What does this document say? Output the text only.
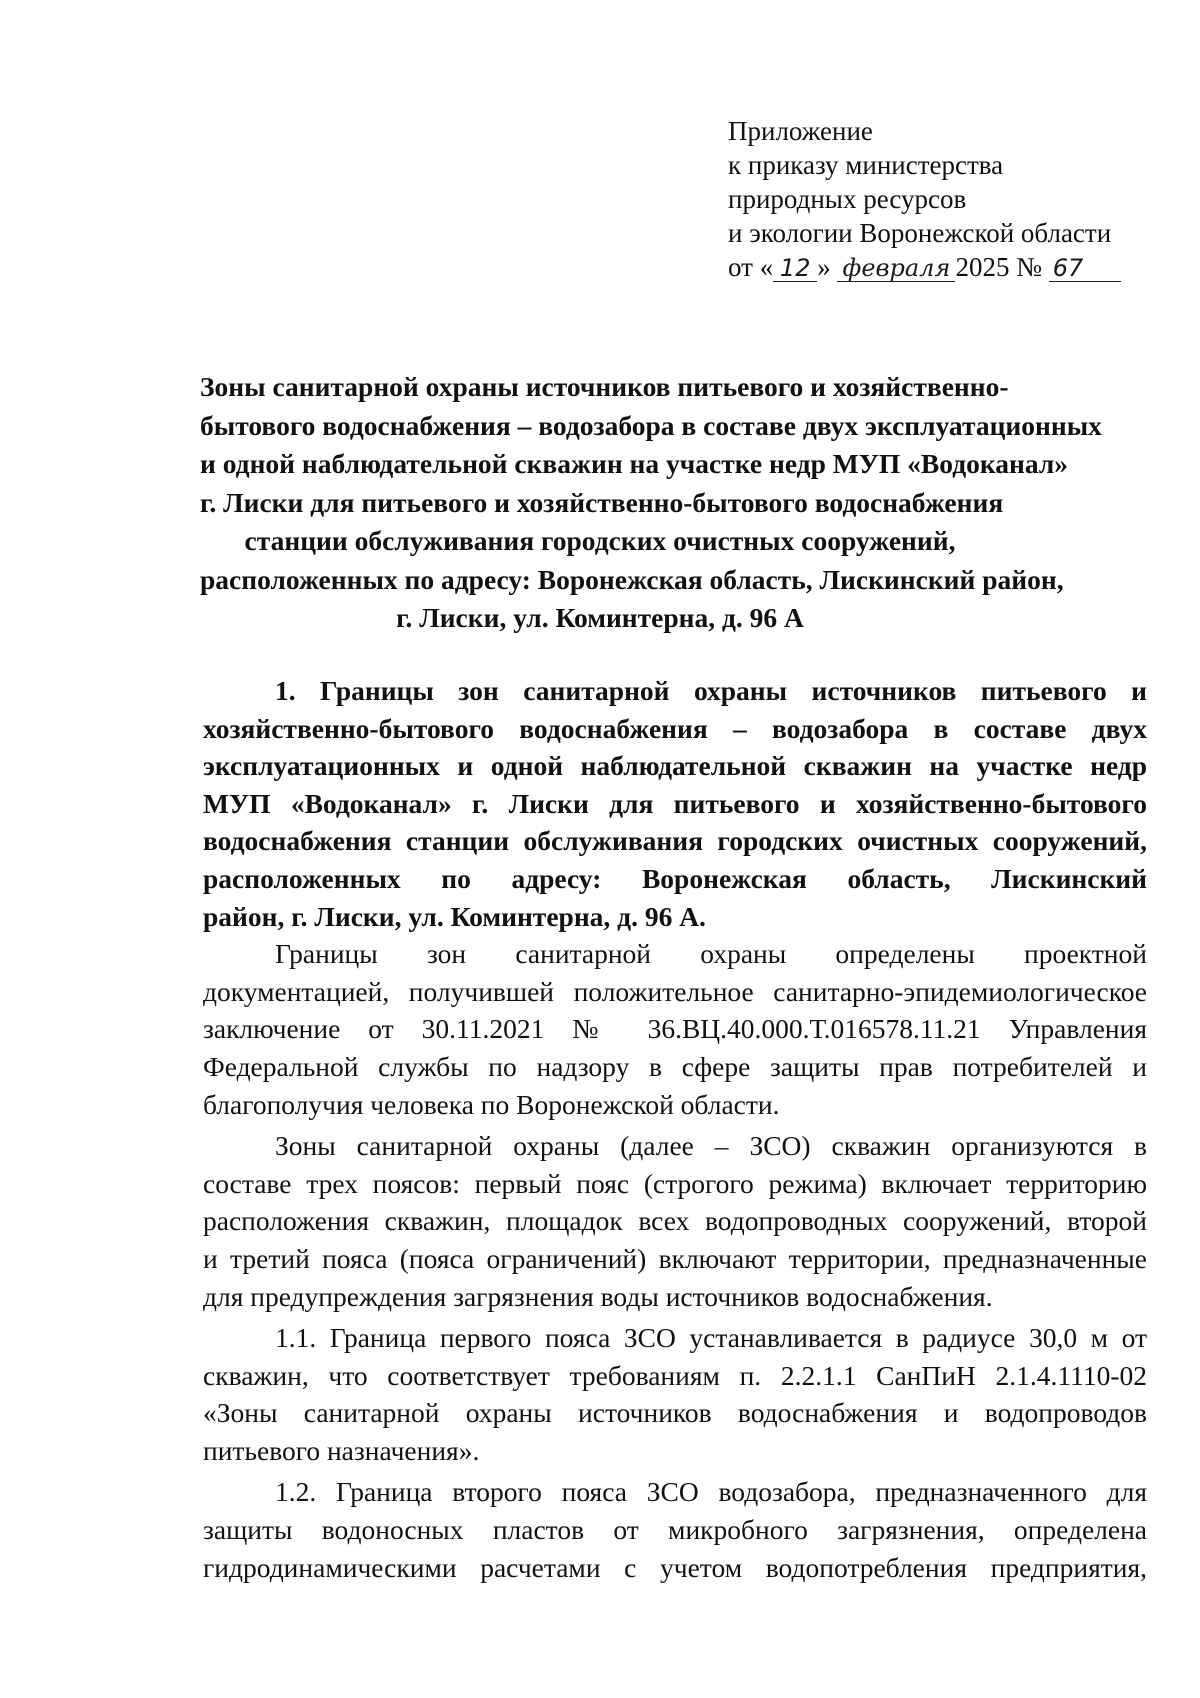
Приложение
к приказу министерства
природных ресурсов
и экологии Воронежской области
от « 12 » февраля 2025 № 67
Зоны санитарной охраны источников питьевого и хозяйственно-
бытового водоснабжения – водозабора в составе двух эксплуатационных
и одной наблюдательной скважин на участке недр МУП «Водоканал»
г. Лиски для питьевого и хозяйственно-бытового водоснабжения
станции обслуживания городских очистных сооружений,
расположенных по адресу: Воронежская область, Лискинский район,
г. Лиски, ул. Коминтерна, д. 96 А
1. Границы зон санитарной охраны источников питьевого и
хозяйственно-бытового водоснабжения – водозабора в составе двух
эксплуатационных и одной наблюдательной скважин на участке недр
МУП «Водоканал» г. Лиски для питьевого и хозяйственно-бытового
водоснабжения станции обслуживания городских очистных сооружений,
расположенных по адресу: Воронежская область, Лискинский
район, г. Лиски, ул. Коминтерна, д. 96 А.
Границы зон санитарной охраны определены проектной
документацией, получившей положительное санитарно-эпидемиологическое
заключение от 30.11.2021 № 36.ВЦ.40.000.Т.016578.11.21 Управления
Федеральной службы по надзору в сфере защиты прав потребителей и
благополучия человека по Воронежской области.
Зоны санитарной охраны (далее – ЗСО) скважин организуются в
составе трех поясов: первый пояс (строгого режима) включает территорию
расположения скважин, площадок всех водопроводных сооружений, второй
и третий пояса (пояса ограничений) включают территории, предназначенные
для предупреждения загрязнения воды источников водоснабжения.
1.1. Граница первого пояса ЗСО устанавливается в радиусе 30,0 м от
скважин, что соответствует требованиям п. 2.2.1.1 СанПиН 2.1.4.1110-02
«Зоны санитарной охраны источников водоснабжения и водопроводов
питьевого назначения».
1.2. Граница второго пояса ЗСО водозабора, предназначенного для
защиты водоносных пластов от микробного загрязнения, определена
гидродинамическими расчетами с учетом водопотребления предприятия,
